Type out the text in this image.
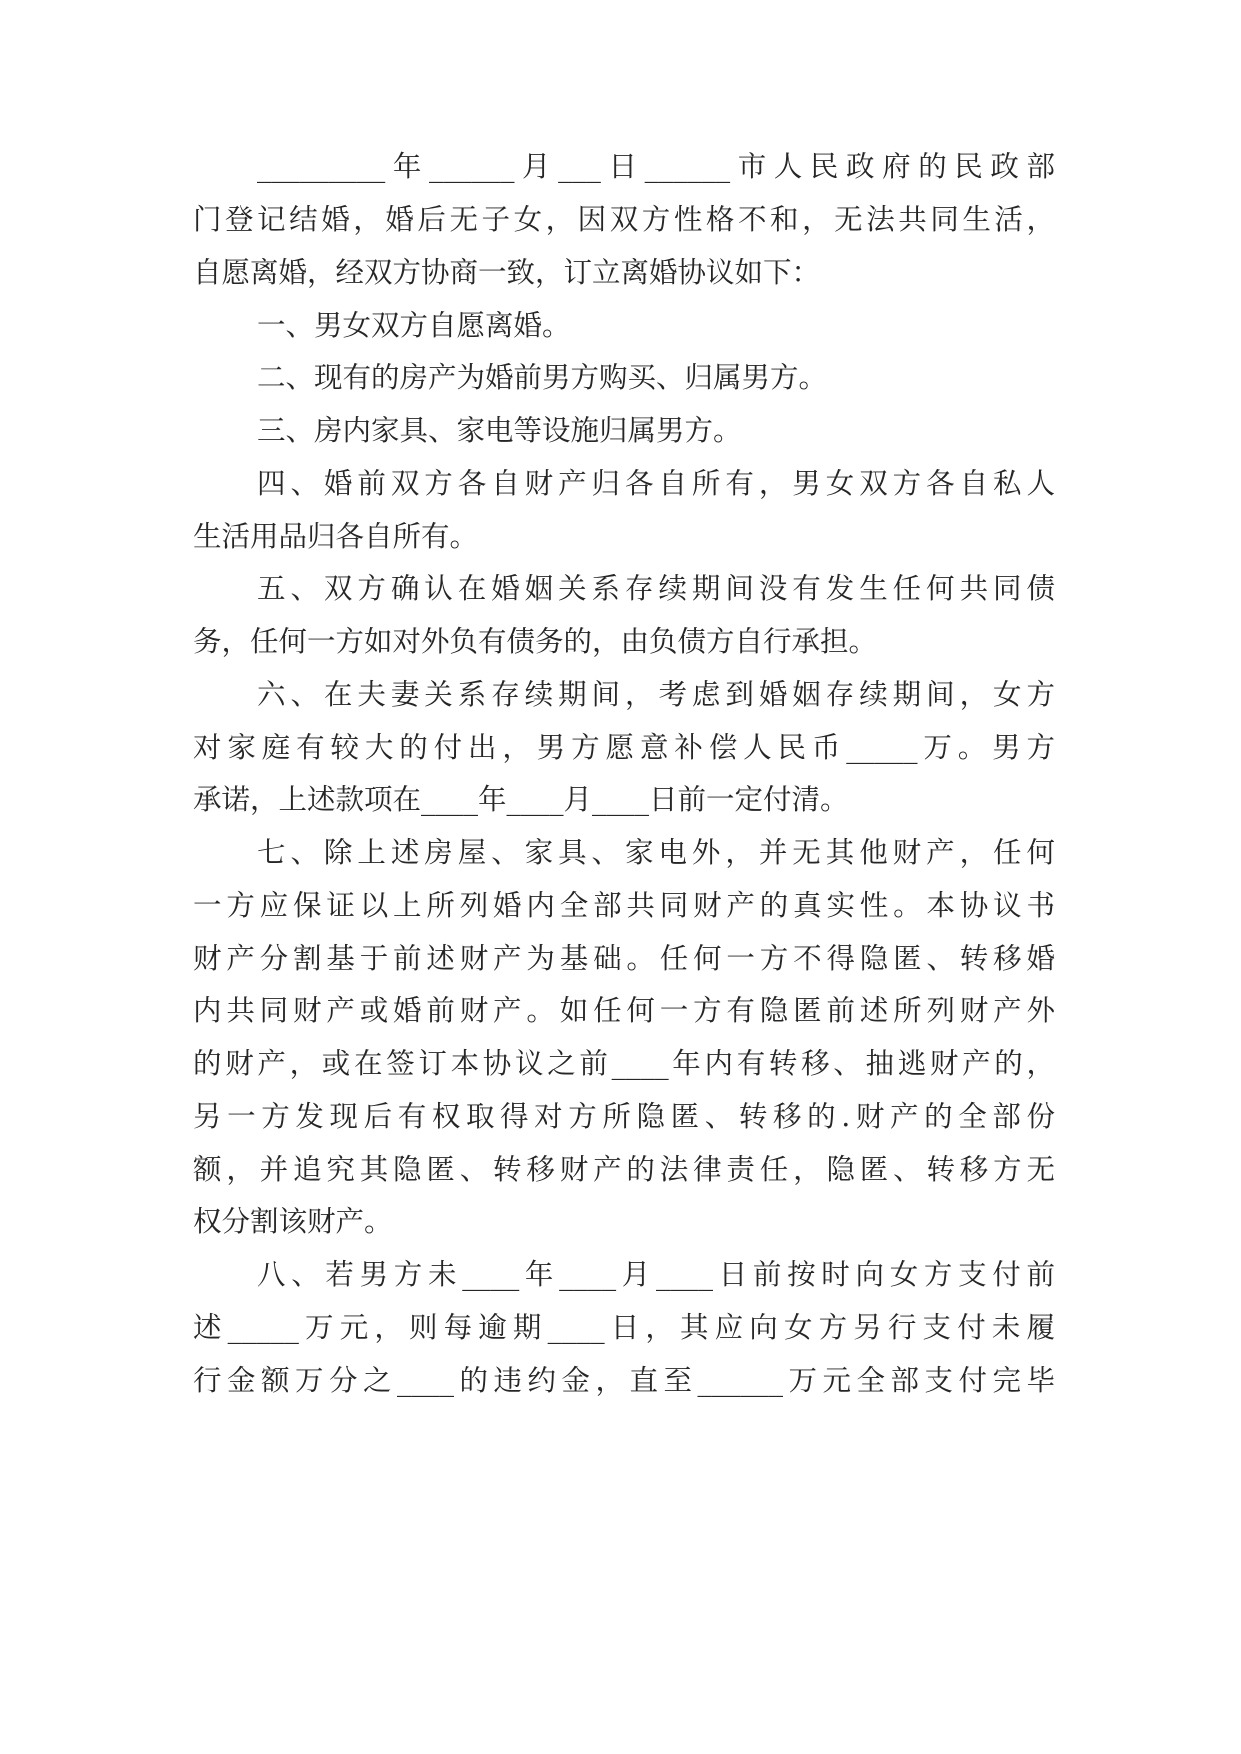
_________年______月___日______市人民政府的民政部
门登记结婚，婚后无子女，因双方性格不和，无法共同生活，
自愿离婚，经双方协商一致，订立离婚协议如下：
一、男女双方自愿离婚。
二、现有的房产为婚前男方购买、归属男方。
三、房内家具、家电等设施归属男方。
四、婚前双方各自财产归各自所有，男女双方各自私人
生活用品归各自所有。
五、双方确认在婚姻关系存续期间没有发生任何共同债
务，任何一方如对外负有债务的，由负债方自行承担。
六、在夫妻关系存续期间，考虑到婚姻存续期间，女方
对家庭有较大的付出，男方愿意补偿人民币_____万。男方
承诺，上述款项在____年____月____日前一定付清。
七、除上述房屋、家具、家电外，并无其他财产，任何
一方应保证以上所列婚内全部共同财产的真实性。本协议书
财产分割基于前述财产为基础。任何一方不得隐匿、转移婚
内共同财产或婚前财产。如任何一方有隐匿前述所列财产外
的财产，或在签订本协议之前____年内有转移、抽逃财产的，
另一方发现后有权取得对方所隐匿、转移的.财产的全部份
额，并追究其隐匿、转移财产的法律责任，隐匿、转移方无
权分割该财产。
八、若男方未____年____月____日前按时向女方支付前
述_____万元，则每逾期____日，其应向女方另行支付未履
行金额万分之____的违约金，直至______万元全部支付完毕
